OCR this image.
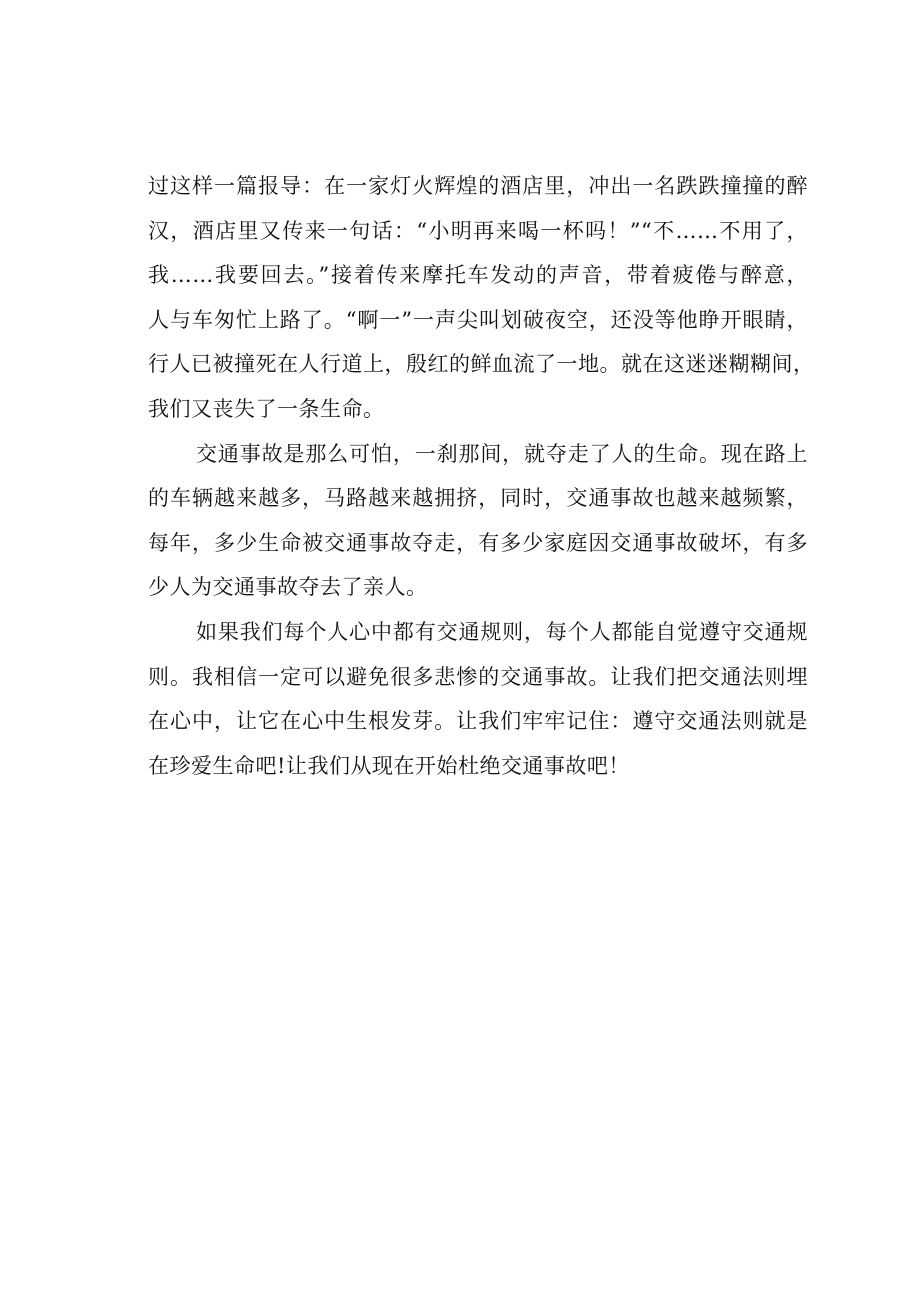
过这样一篇报导：在一家灯火辉煌的酒店里，冲出一名跌跌撞撞的醉
汉，酒店里又传来一句话：“小明再来喝一杯吗！”“不……不用了，
我……我要回去。”接着传来摩托车发动的声音，带着疲倦与醉意，
人与车匆忙上路了。“啊一”一声尖叫划破夜空，还没等他睁开眼睛，
行人已被撞死在人行道上，殷红的鲜血流了一地。就在这迷迷糊糊间，
我们又丧失了一条生命。
交通事故是那么可怕，一刹那间，就夺走了人的生命。现在路上
的车辆越来越多，马路越来越拥挤，同时，交通事故也越来越频繁，
每年，多少生命被交通事故夺走，有多少家庭因交通事故破坏，有多
少人为交通事故夺去了亲人。
如果我们每个人心中都有交通规则，每个人都能自觉遵守交通规
则。我相信一定可以避免很多悲惨的交通事故。让我们把交通法则埋
在心中，让它在心中生根发芽。让我们牢牢记住：遵守交通法则就是
在珍爱生命吧!让我们从现在开始杜绝交通事故吧！
